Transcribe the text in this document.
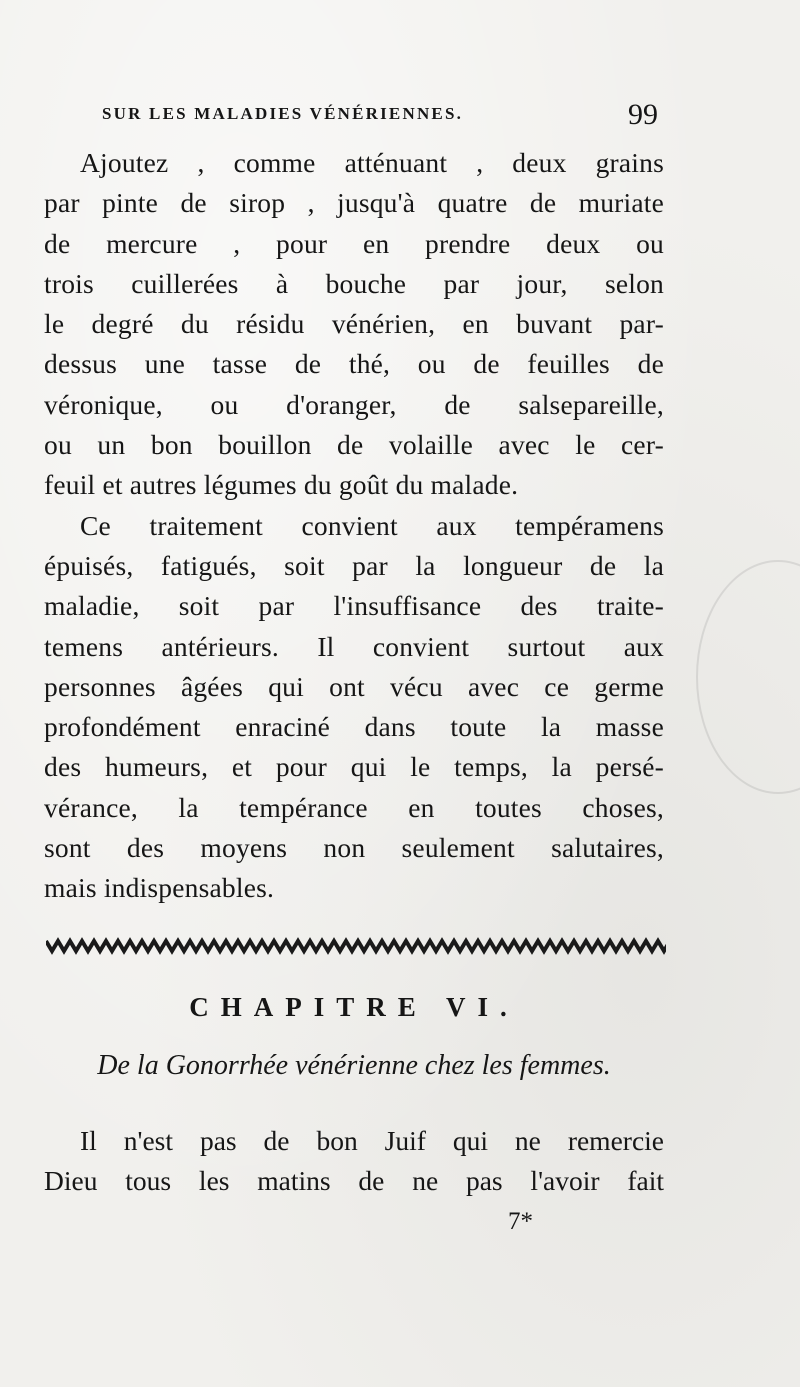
SUR LES MALADIES VÉNÉRIENNES.	99
Ajoutez , comme atténuant , deux grains
par pinte de sirop , jusqu'à quatre de muriate
de mercure , pour en prendre deux ou
trois cuillerées à bouche par jour, selon
le degré du résidu vénérien, en buvant par-
dessus une tasse de thé, ou de feuilles de
véronique, ou d'oranger, de salsepareille,
ou un bon bouillon de volaille avec le cer-
feuil et autres légumes du goût du malade.
Ce traitement convient aux tempéramens
épuisés, fatigués, soit par la longueur de la
maladie, soit par l'insuffisance des traite-
temens antérieurs. Il convient surtout aux
personnes âgées qui ont vécu avec ce germe
profondément enraciné dans toute la masse
des humeurs, et pour qui le temps, la persé-
vérance, la tempérance en toutes choses,
sont des moyens non seulement salutaires,
mais indispensables.
CHAPITRE VI.
De la Gonorrhée vénérienne chez les femmes.
Il n'est pas de bon Juif qui ne remercie
Dieu tous les matins de ne pas l'avoir fait
7*
